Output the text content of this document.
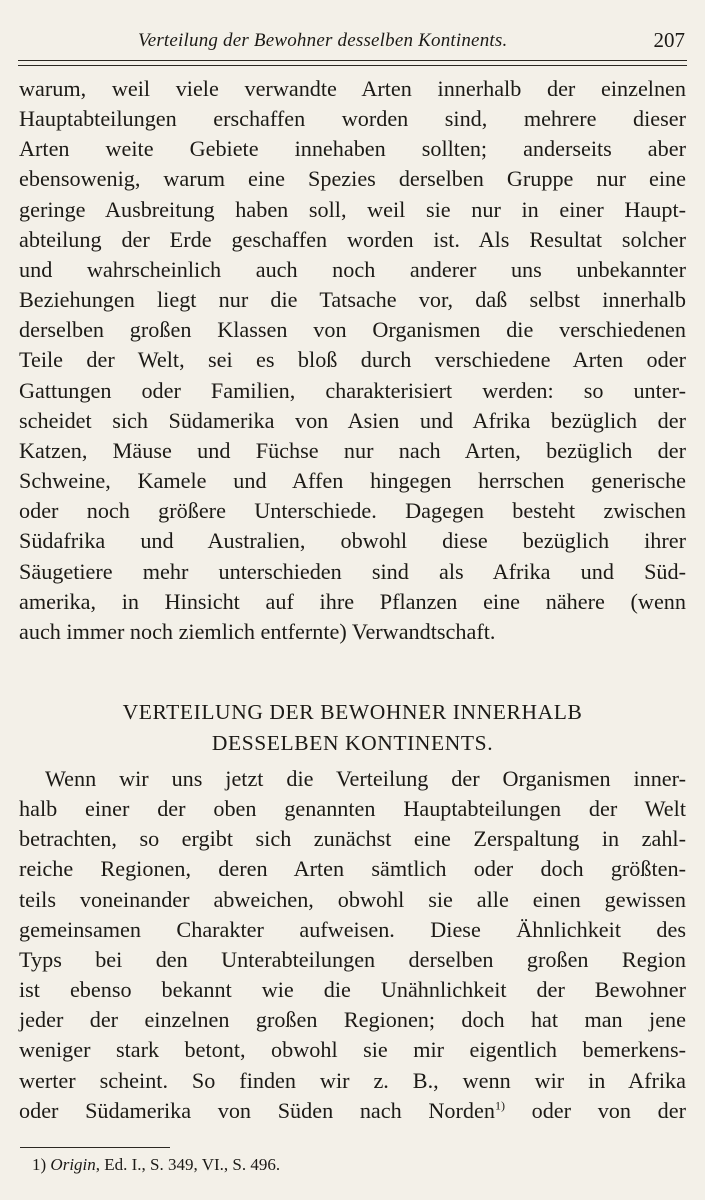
Verteilung der Bewohner desselben Kontinents.	207
warum, weil viele verwandte Arten innerhalb der einzelnen
Hauptabteilungen erschaffen worden sind, mehrere dieser
Arten weite Gebiete innehaben sollten; anderseits aber
ebensowenig, warum eine Spezies derselben Gruppe nur eine
geringe Ausbreitung haben soll, weil sie nur in einer Haupt-
abteilung der Erde geschaffen worden ist. Als Resultat solcher
und wahrscheinlich auch noch anderer uns unbekannter
Beziehungen liegt nur die Tatsache vor, daß selbst innerhalb
derselben großen Klassen von Organismen die verschiedenen
Teile der Welt, sei es bloß durch verschiedene Arten oder
Gattungen oder Familien, charakterisiert werden: so unter-
scheidet sich Südamerika von Asien und Afrika bezüglich der
Katzen, Mäuse und Füchse nur nach Arten, bezüglich der
Schweine, Kamele und Affen hingegen herrschen generische
oder noch größere Unterschiede. Dagegen besteht zwischen
Südafrika und Australien, obwohl diese bezüglich ihrer
Säugetiere mehr unterschieden sind als Afrika und Süd-
amerika, in Hinsicht auf ihre Pflanzen eine nähere (wenn
auch immer noch ziemlich entfernte) Verwandtschaft.
VERTEILUNG DER BEWOHNER INNERHALB
DESSELBEN KONTINENTS.
Wenn wir uns jetzt die Verteilung der Organismen inner-
halb einer der oben genannten Hauptabteilungen der Welt
betrachten, so ergibt sich zunächst eine Zerspaltung in zahl-
reiche Regionen, deren Arten sämtlich oder doch größten-
teils voneinander abweichen, obwohl sie alle einen gewissen
gemeinsamen Charakter aufweisen. Diese Ähnlichkeit des
Typs bei den Unterabteilungen derselben großen Region
ist ebenso bekannt wie die Unähnlichkeit der Bewohner
jeder der einzelnen großen Regionen; doch hat man jene
weniger stark betont, obwohl sie mir eigentlich bemerkens-
werter scheint. So finden wir z. B., wenn wir in Afrika
oder Südamerika von Süden nach Norden$^{1)}$ oder von der
1) Origin, Ed. I., S. 349, VI., S. 496.
